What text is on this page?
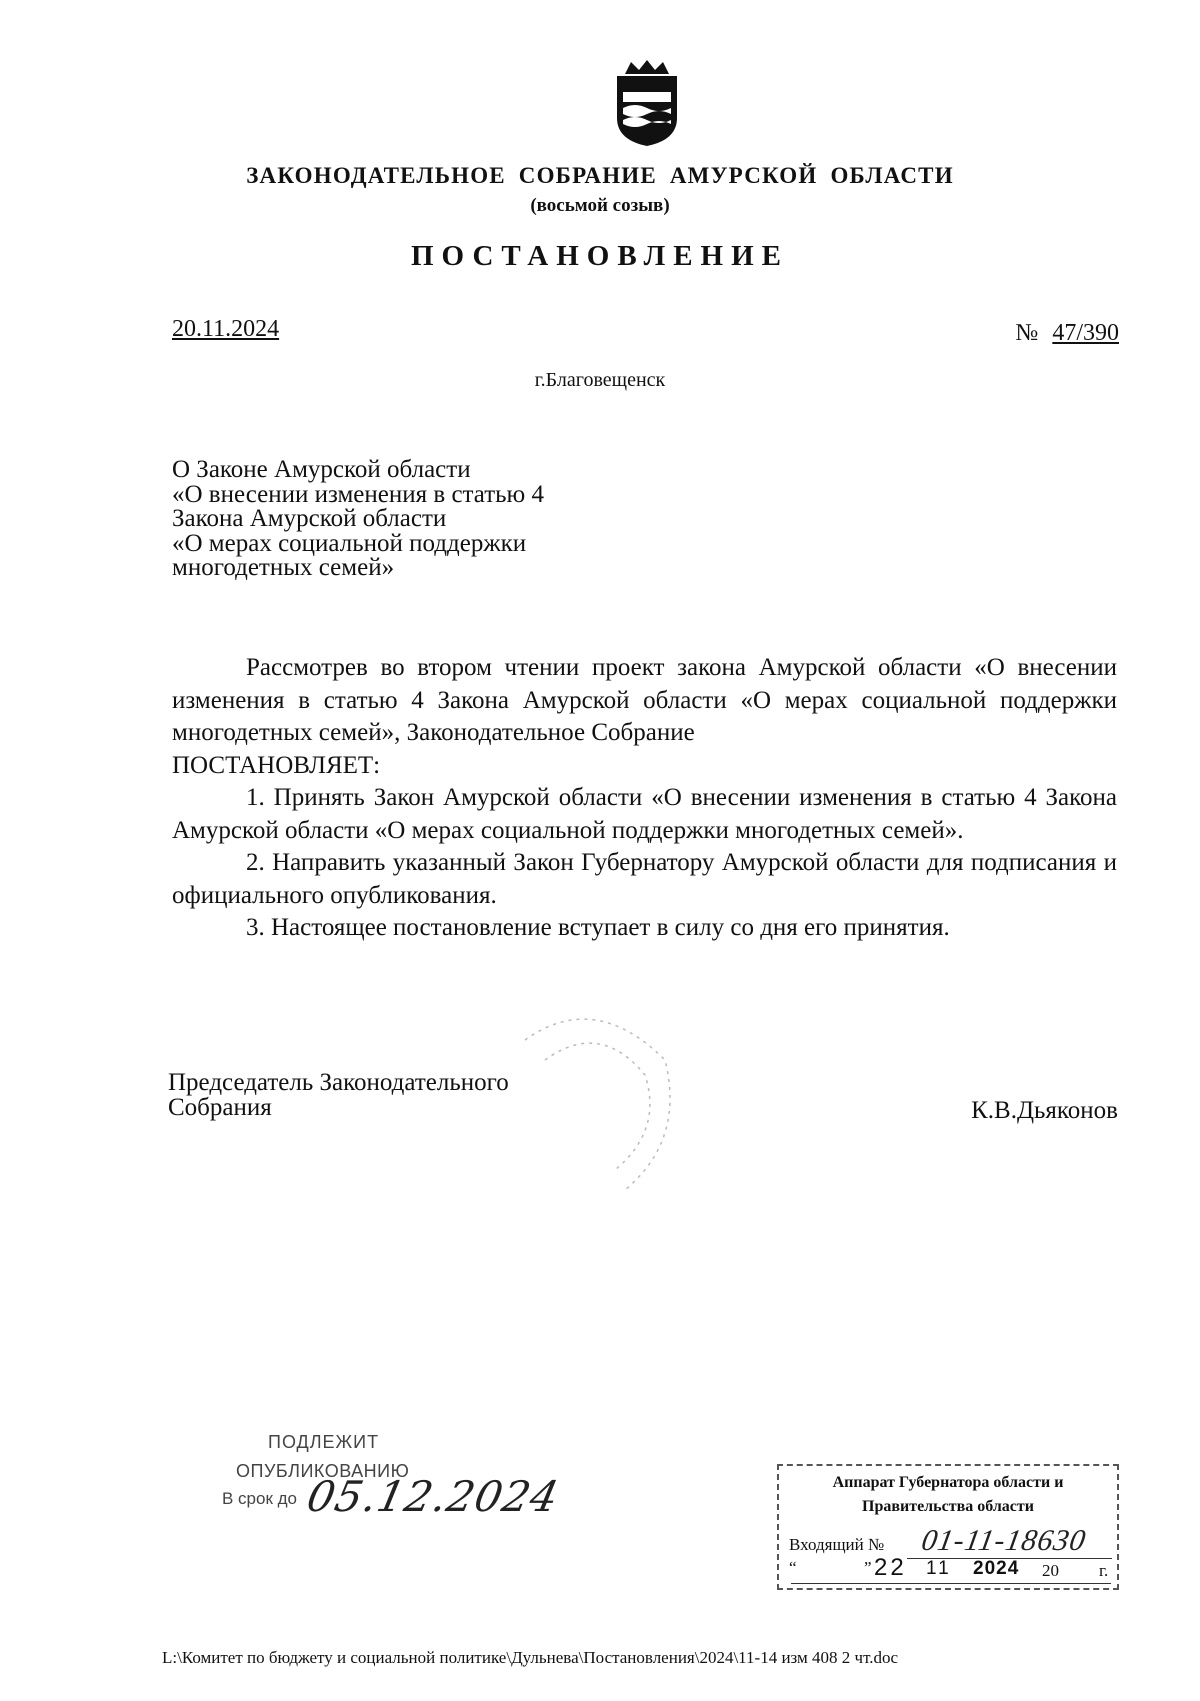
ЗАКОНОДАТЕЛЬНОЕ СОБРАНИЕ АМУРСКОЙ ОБЛАСТИ
(восьмой созыв)
ПОСТАНОВЛЕНИЕ
20.11.2024	№ 47/390
г.Благовещенск
О Законе Амурской области
«О внесении изменения в статью 4
Закона Амурской области
«О мерах социальной поддержки
многодетных семей»

Рассмотрев во втором чтении проект закона Амурской области «О внесении изменения в статью 4 Закона Амурской области «О мерах социальной поддержки многодетных семей», Законодательное Собрание

ПОСТАНОВЛЯЕТ:

1. Принять Закон Амурской области «О внесении изменения в статью 4 Закона Амурской области «О мерах социальной поддержки многодетных семей».

2. Направить указанный Закон Губернатору Амурской области для подписания и официального опубликования.

3. Настоящее постановление вступает в силу со дня его принятия.

Председатель Законодательного
Собрания	К.В.Дьяконов
ПОДЛЕЖИТ
ОПУБЛИКОВАНИЮ
В срок до 05.12.2024	Аппарат Губернатора области и
Правительства области
Входящий № 01-11-18630
“	” 22 11 2024 20 г.
L:\Комитет по бюджету и социальной политике\Дульнева\Постановления\2024\11-14 изм 408 2 чт.doc
